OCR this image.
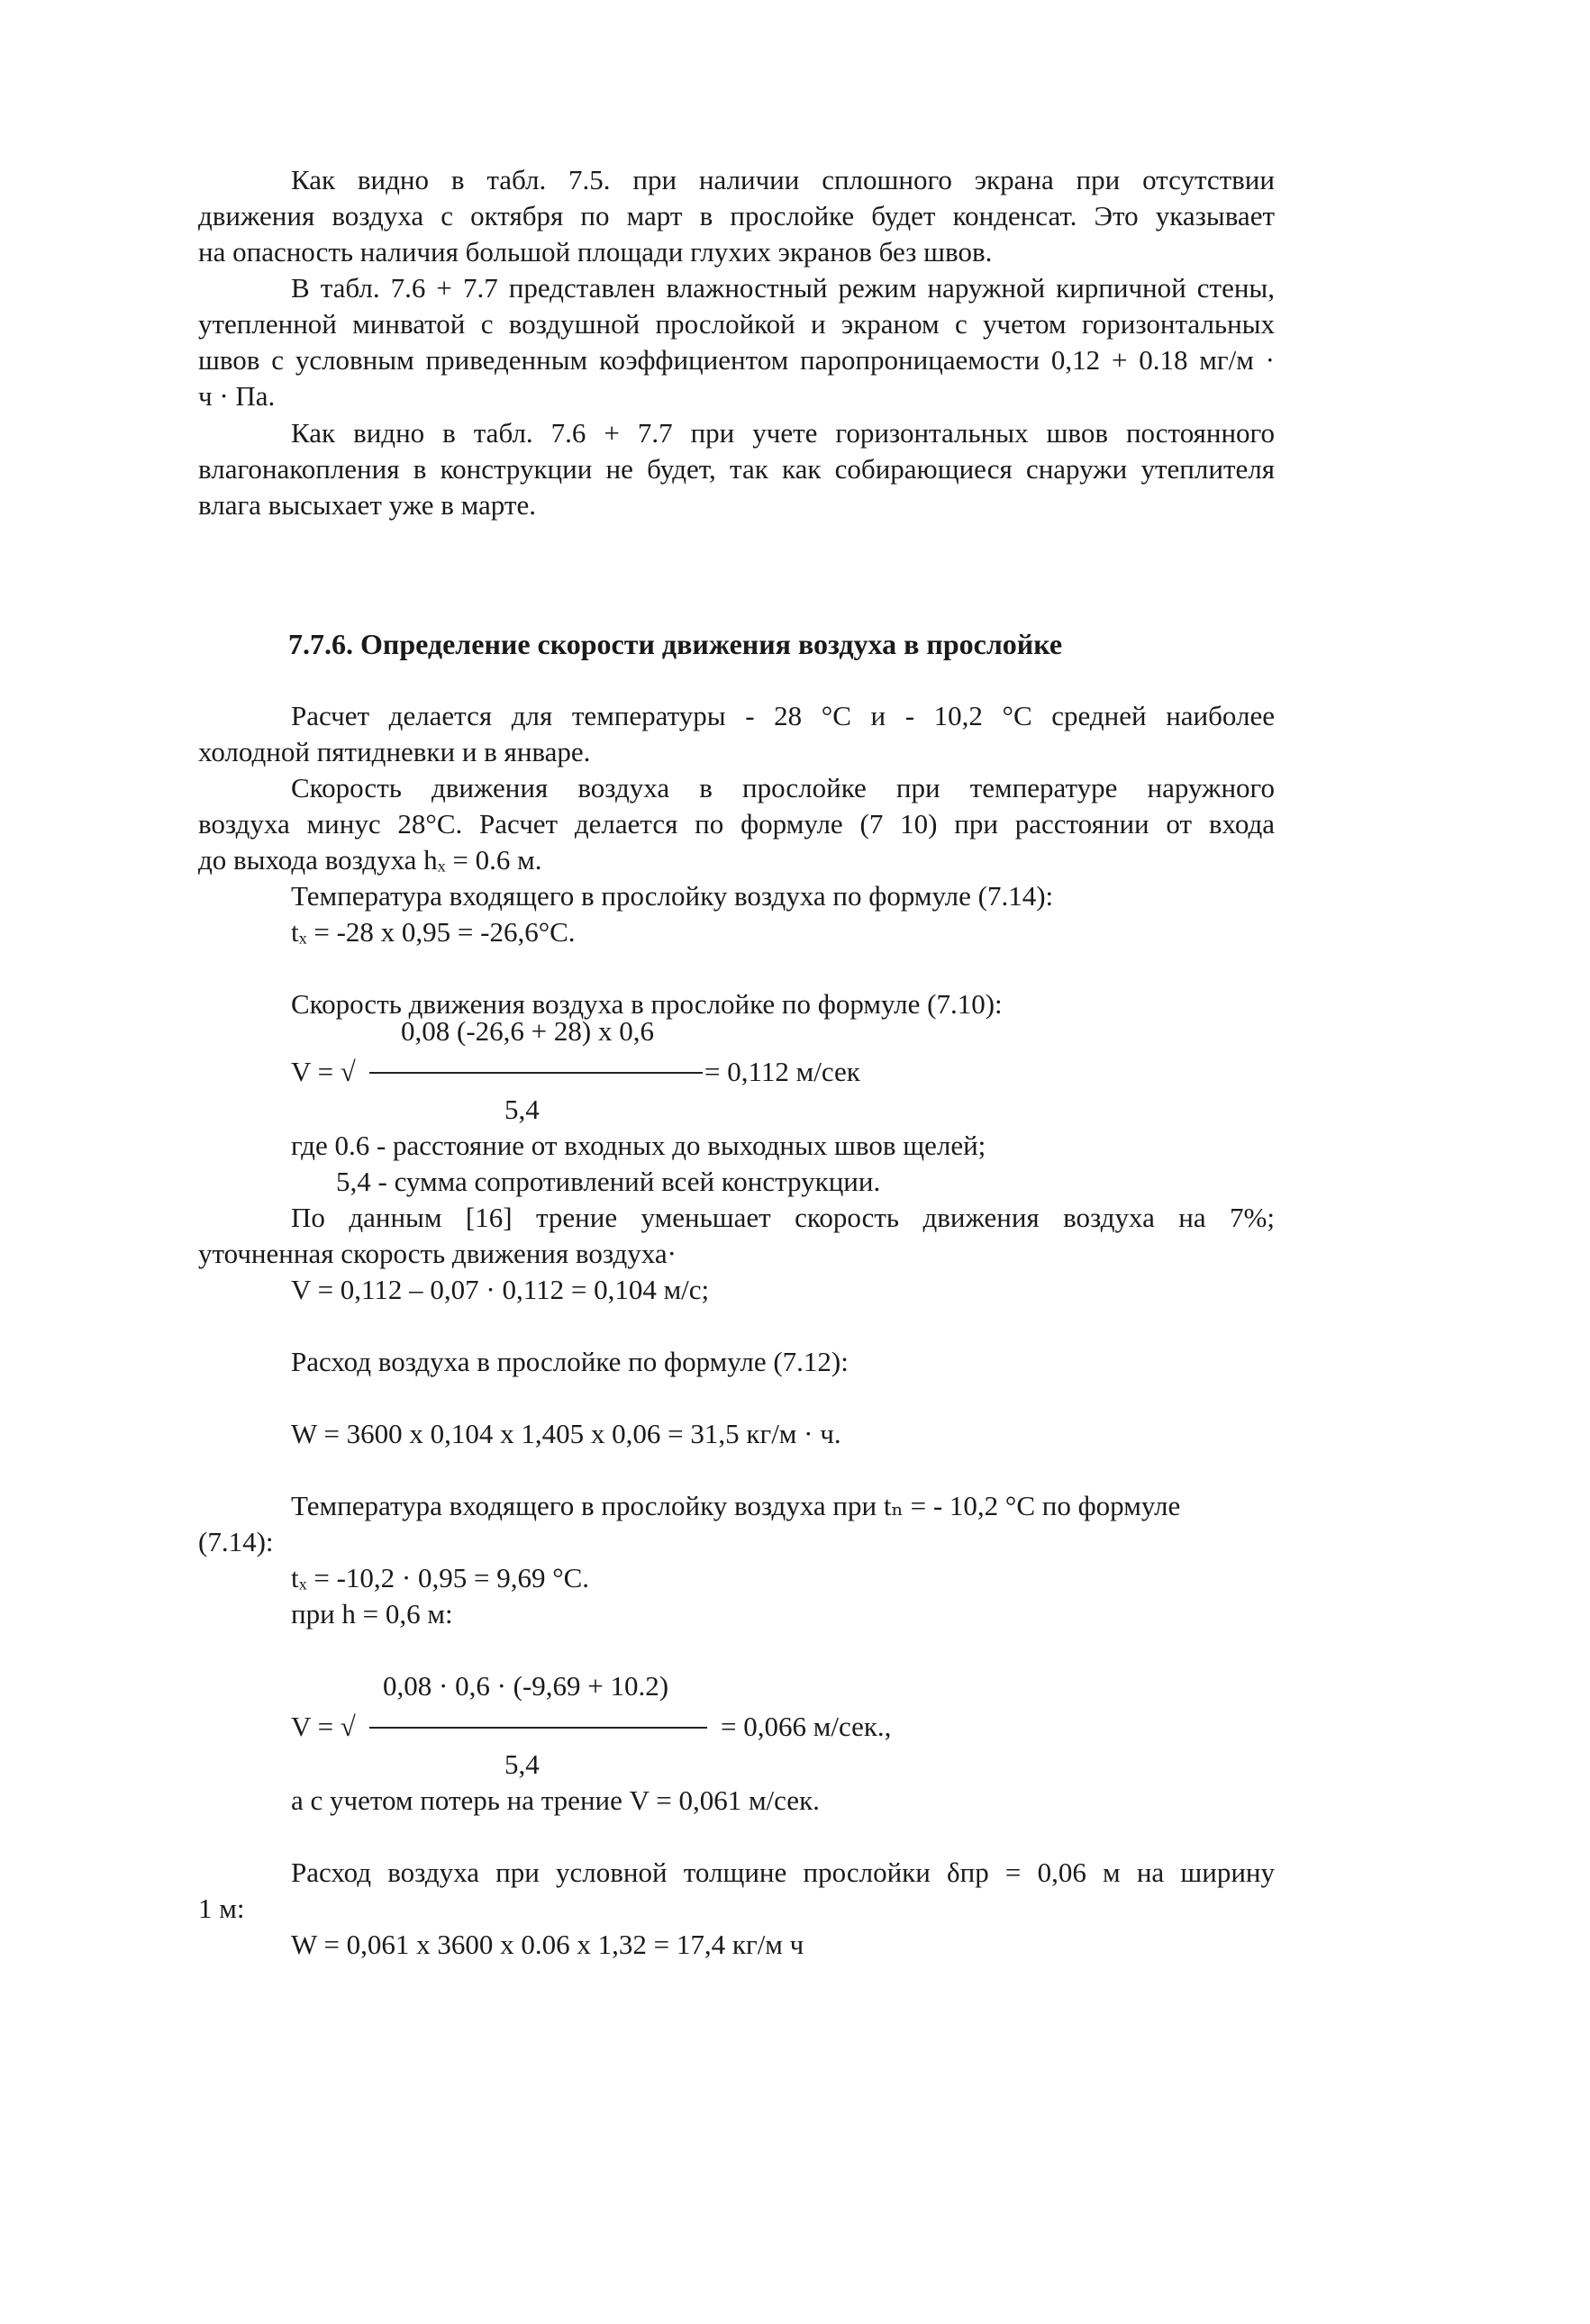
Как видно в табл. 7.5. при наличии сплошного экрана при отсутствии
движения воздуха с октября по март в прослойке будет конденсат. Это указывает
на опасность наличия большой площади глухих экранов без швов.
В табл. 7.6 + 7.7 представлен влажностный режим наружной кирпичной стены,
утепленной минватой с воздушной прослойкой и экраном с учетом горизонтальных
швов с условным приведенным коэффициентом паропроницаемости 0,12 + 0.18 мг/м ·
ч · Па.
Как видно в табл. 7.6 + 7.7 при учете горизонтальных швов постоянного
влагонакопления в конструкции не будет, так как собирающиеся снаружи утеплителя
влага высыхает уже в марте.
7.7.6. Определение скорости движения воздуха в прослойке
Расчет делается для температуры - 28 °С и - 10,2 °С средней наиболее
холодной пятидневки и в январе.
Скорость движения воздуха в прослойке при температуре наружного
воздуха минус 28°С. Расчет делается по формуле (7 10) при расстоянии от входа
до выхода воздуха hₓ = 0.6 м.
Температура входящего в прослойку воздуха по формуле (7.14):
tₓ = -28 x 0,95 = -26,6°С.
Скорость движения воздуха в прослойке по формуле (7.10):
0,08 (-26,6 + 28) x 0,6
V = √	= 0,112 м/сек
5,4
где 0.6 - расстояние от входных до выходных швов щелей;
5,4 - сумма сопротивлений всей конструкции.
По данным [16] трение уменьшает скорость движения воздуха на 7%;
уточненная скорость движения воздуха·
V = 0,112 – 0,07 · 0,112 = 0,104 м/с;
Расход воздуха в прослойке по формуле (7.12):
W = 3600 x 0,104 x 1,405 x 0,06 = 31,5 кг/м · ч.
Температура входящего в прослойку воздуха при tₙ = - 10,2 °С по формуле
(7.14):
tₓ = -10,2 · 0,95 = 9,69 °С.
при h = 0,6 м:
0,08 · 0,6 · (-9,69 + 10.2)
V = √	= 0,066 м/сек.,
5,4
а с учетом потерь на трение V = 0,061 м/сек.
Расход воздуха при условной толщине прослойки δпр = 0,06 м на ширину
1 м:
W = 0,061 x 3600 x 0.06 x 1,32 = 17,4 кг/м ч
